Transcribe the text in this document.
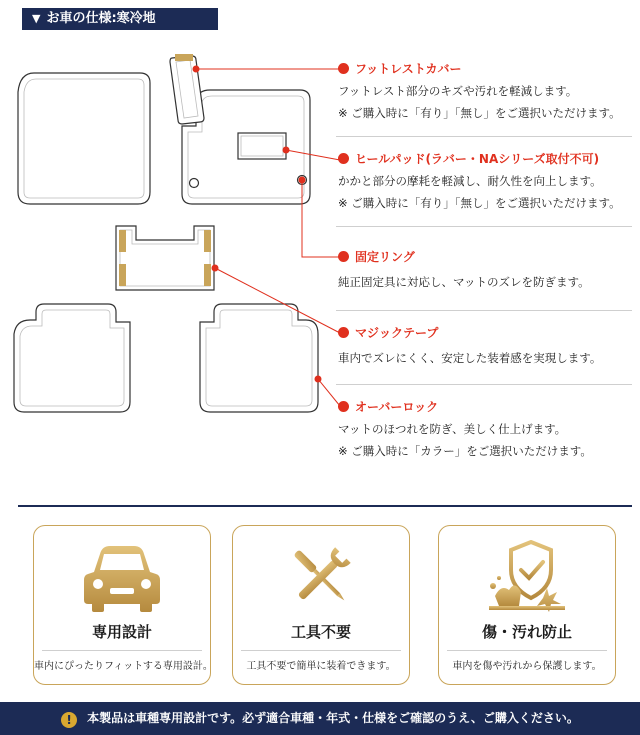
▼ お車の仕様:寒冷地
フットレストカバー
フットレスト部分のキズや汚れを軽減します。
※ ご購入時に「有り」「無し」をご選択いただけます。
ヒールパッド(ラバー・NAシリーズ取付不可)
かかと部分の摩耗を軽減し、耐久性を向上します。
※ ご購入時に「有り」「無し」をご選択いただけます。
固定リング
純正固定具に対応し、マットのズレを防ぎます。
マジックテープ
車内でズレにくく、安定した装着感を実現します。
オーバーロック
マットのほつれを防ぎ、美しく仕上げます。
※ ご購入時に「カラー」をご選択いただけます。
専用設計
車内にぴったりフィットする専用設計。
工具不要
工具不要で簡単に装着できます。
傷・汚れ防止
車内を傷や汚れから保護します。
! 本製品は車種専用設計です。必ず適合車種・年式・仕様をご確認のうえ、ご購入ください。
